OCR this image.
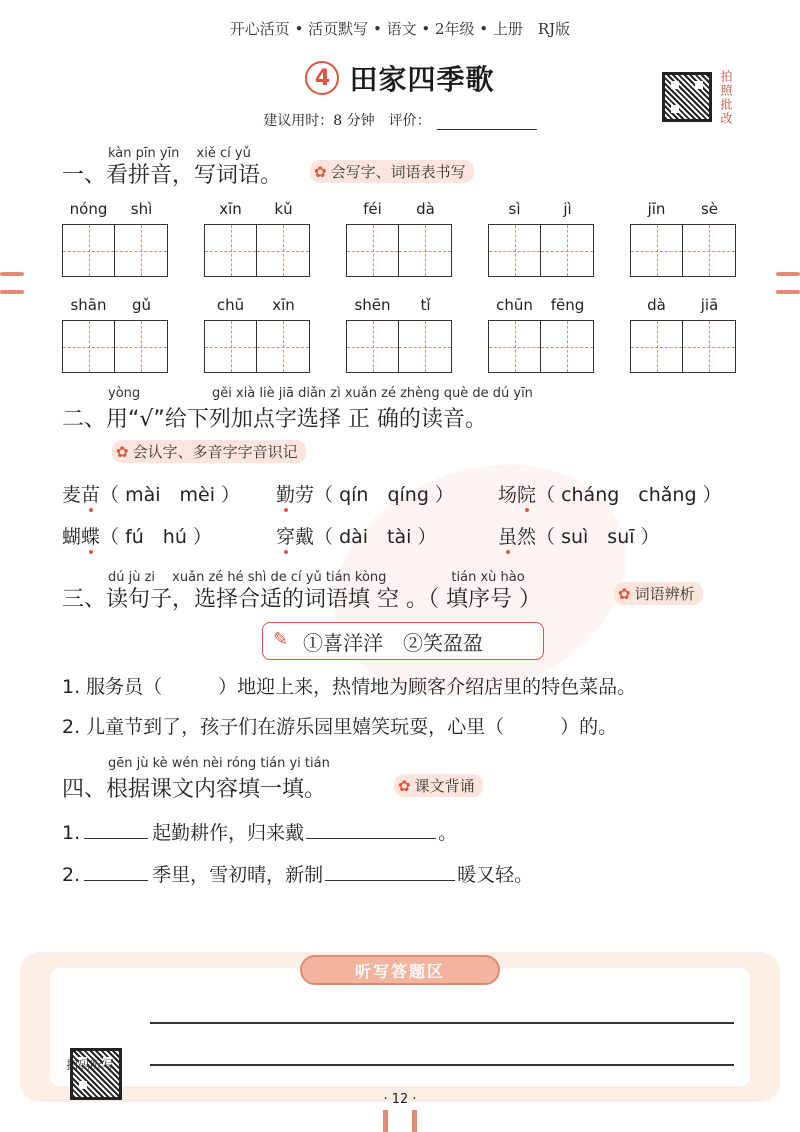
开心活页 • 活页默写 • 语文 • 2年级 • 上册　RJ版
4 田家四季歌	拍照批改
建议用时：8 分钟　评价：
kàn pīn yīn　 xiě cí yǔ
一、看拼音，写词语。 ✿ 会写字、词语表书写
nóng	shì	xīn	kǔ	féi	dà	sì	jì	jīn	sè
shān	gǔ	chū	xīn	shēn	tǐ	chūn	fēng	dà	jiā
yòng	gěi xià liè jiā diǎn zì xuǎn zé zhèng què de dú yīn
二、用“√”给下列加点字选择 正 确的读音。
✿ 会认字、多音字字音识记
麦苗（ mài　mèi ） 勤劳（ qín　qíng ） 场院（ cháng　chǎng ）
蝴蝶（ fú　hú ）	穿戴（ dài　tài ）	虽然（ suì　suī ）
dú jù zi　 xuǎn zé hé shì de cí yǔ tián kòng　　　　　tián xù hào
三、读句子，选择合适的词语填 空 。（ 填序号 ）	✿ 词语辨析
✎ ①喜洋洋　②笑盈盈
1. 服务员（	）地迎上来，热情地为顾客介绍店里的特色菜品。
2. 儿童节到了，孩子们在游乐园里嬉笑玩耍，心里（	）的。
gēn jù kè wén nèi róng tián yi tián
四、根据课文内容填一填。	✿ 课文背诵
1.	起勤耕作，归来戴	。
2.	季里，雪初晴，新制	暖又轻。
听写答题区
扫码听写
· 12 ·
